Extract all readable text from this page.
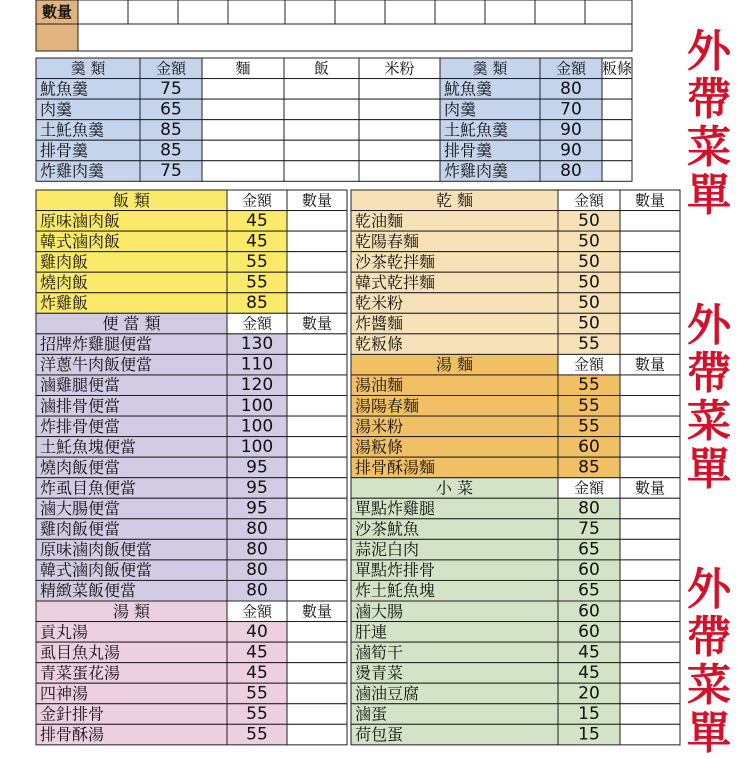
數量
羹 類	金額	麵	飯	米粉	羹 類	金額 粄條
魷魚羹	75	魷魚羹	80
肉羹	65	肉羹	70
土魠魚羹	85	土魠魚羹	90
排骨羹	85	排骨羹	90
炸雞肉羹	75	炸雞肉羹	80
飯 類	金額 數量
原味滷肉飯	45
韓式滷肉飯	45
雞肉飯	55
燒肉飯	55
炸雞飯	85
便 當 類	金額 數量
招牌炸雞腿便當	130
洋蔥牛肉飯便當	110
滷雞腿便當	120
滷排骨便當	100
炸排骨便當	100
土魠魚塊便當	100
燒肉飯便當	95
炸虱目魚便當	95
滷大腸便當	95
雞肉飯便當	80
原味滷肉飯便當	80
韓式滷肉飯便當	80
精緻菜飯便當	80
湯 類	金額 數量
貢丸湯	40
虱目魚丸湯	45
青菜蛋花湯	45
四神湯	55
金針排骨	55
排骨酥湯	55
乾 麵	金額 數量
乾油麵	50
乾陽春麵	50
沙茶乾拌麵	50
韓式乾拌麵	50
乾米粉	50
炸醬麵	50
乾粄條	55
湯 麵	金額 數量
湯油麵	55
湯陽春麵	55
湯米粉	55
湯粄條	60
排骨酥湯麵	85
小 菜	金額 數量
單點炸雞腿	80
沙茶魷魚	75
蒜泥白肉	65
單點炸排骨	60
炸土魠魚塊	65
滷大腸	60
肝連	60
滷筍干	45
燙青菜	45
滷油豆腐	20
滷蛋	15
荷包蛋	15
外
帶
菜
單
外
帶
菜
單
外
帶
菜
單
